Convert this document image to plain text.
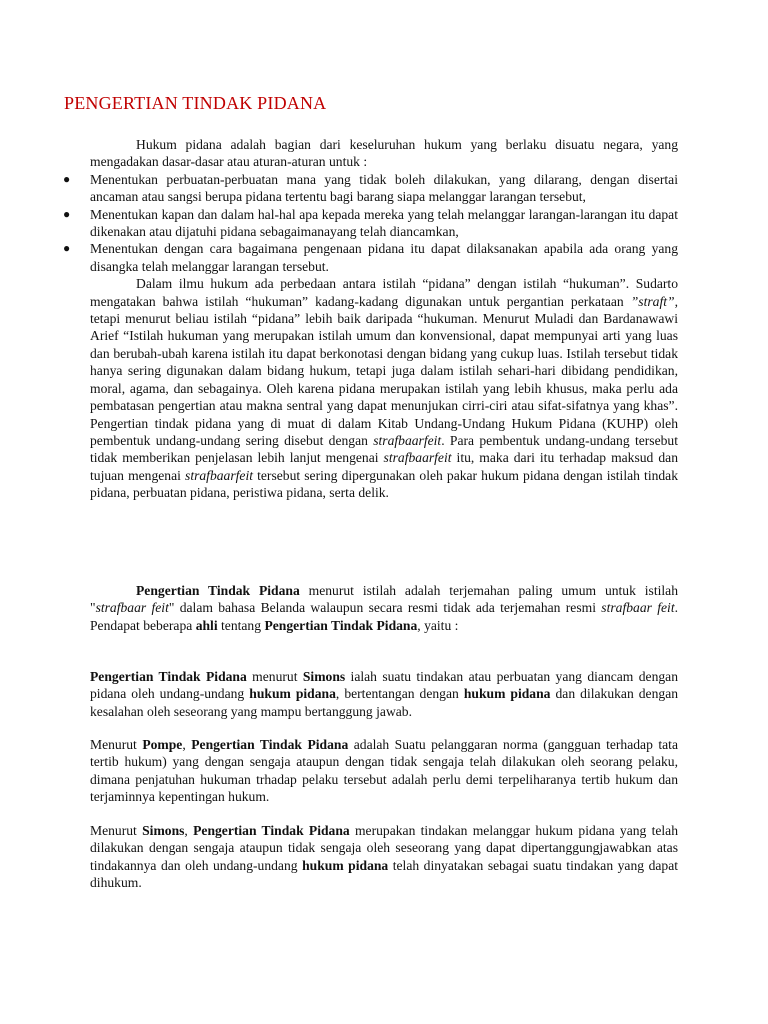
PENGERTIAN TINDAK PIDANA

Hukum pidana adalah bagian dari keseluruhan hukum yang berlaku disuatu negara, yang mengadakan dasar-dasar atau aturan-aturan untuk :

● Menentukan perbuatan-perbuatan mana yang tidak boleh dilakukan, yang dilarang, dengan disertai ancaman atau sangsi berupa pidana tertentu bagi barang siapa melanggar larangan tersebut,

● Menentukan kapan dan dalam hal-hal apa kepada mereka yang telah melanggar larangan-larangan itu dapat dikenakan atau dijatuhi pidana sebagaimanayang telah diancamkan,

● Menentukan dengan cara bagaimana pengenaan pidana itu dapat dilaksanakan apabila ada orang yang disangka telah melanggar larangan tersebut.

Dalam ilmu hukum ada perbedaan antara istilah “pidana” dengan istilah “hukuman”. Sudarto mengatakan bahwa istilah “hukuman” kadang-kadang digunakan untuk pergantian perkataan ”straft”, tetapi menurut beliau istilah “pidana” lebih baik daripada “hukuman. Menurut Muladi dan Bardanawawi Arief “Istilah hukuman yang merupakan istilah umum dan konvensional, dapat mempunyai arti yang luas dan berubah-ubah karena istilah itu dapat berkonotasi dengan bidang yang cukup luas. Istilah tersebut tidak hanya sering digunakan dalam bidang hukum, tetapi juga dalam istilah sehari-hari dibidang pendidikan, moral, agama, dan sebagainya. Oleh karena pidana merupakan istilah yang lebih khusus, maka perlu ada pembatasan pengertian atau makna sentral yang dapat menunjukan cirri-ciri atau sifat-sifatnya yang khas”. Pengertian tindak pidana yang di muat di dalam Kitab Undang-Undang Hukum Pidana (KUHP) oleh pembentuk undang-undang sering disebut dengan strafbaarfeit. Para pembentuk undang-undang tersebut tidak memberikan penjelasan lebih lanjut mengenai strafbaarfeit itu, maka dari itu terhadap maksud dan tujuan mengenai strafbaarfeit tersebut sering dipergunakan oleh pakar hukum pidana dengan istilah tindak pidana, perbuatan pidana, peristiwa pidana, serta delik.

Pengertian Tindak Pidana menurut istilah adalah terjemahan paling umum untuk istilah "strafbaar feit" dalam bahasa Belanda walaupun secara resmi tidak ada terjemahan resmi strafbaar feit. Pendapat beberapa ahli tentang Pengertian Tindak Pidana, yaitu :

Pengertian Tindak Pidana menurut Simons ialah suatu tindakan atau perbuatan yang diancam dengan pidana oleh undang-undang hukum pidana, bertentangan dengan hukum pidana dan dilakukan dengan kesalahan oleh seseorang yang mampu bertanggung jawab.

Menurut Pompe, Pengertian Tindak Pidana adalah Suatu pelanggaran norma (gangguan terhadap tata tertib hukum) yang dengan sengaja ataupun dengan tidak sengaja telah dilakukan oleh seorang pelaku, dimana penjatuhan hukuman trhadap pelaku tersebut adalah perlu demi terpeliharanya tertib hukum dan terjaminnya kepentingan hukum.

Menurut Simons, Pengertian Tindak Pidana merupakan tindakan melanggar hukum pidana yang telah dilakukan dengan sengaja ataupun tidak sengaja oleh seseorang yang dapat dipertanggungjawabkan atas tindakannya dan oleh undang-undang hukum pidana telah dinyatakan sebagai suatu tindakan yang dapat dihukum.
